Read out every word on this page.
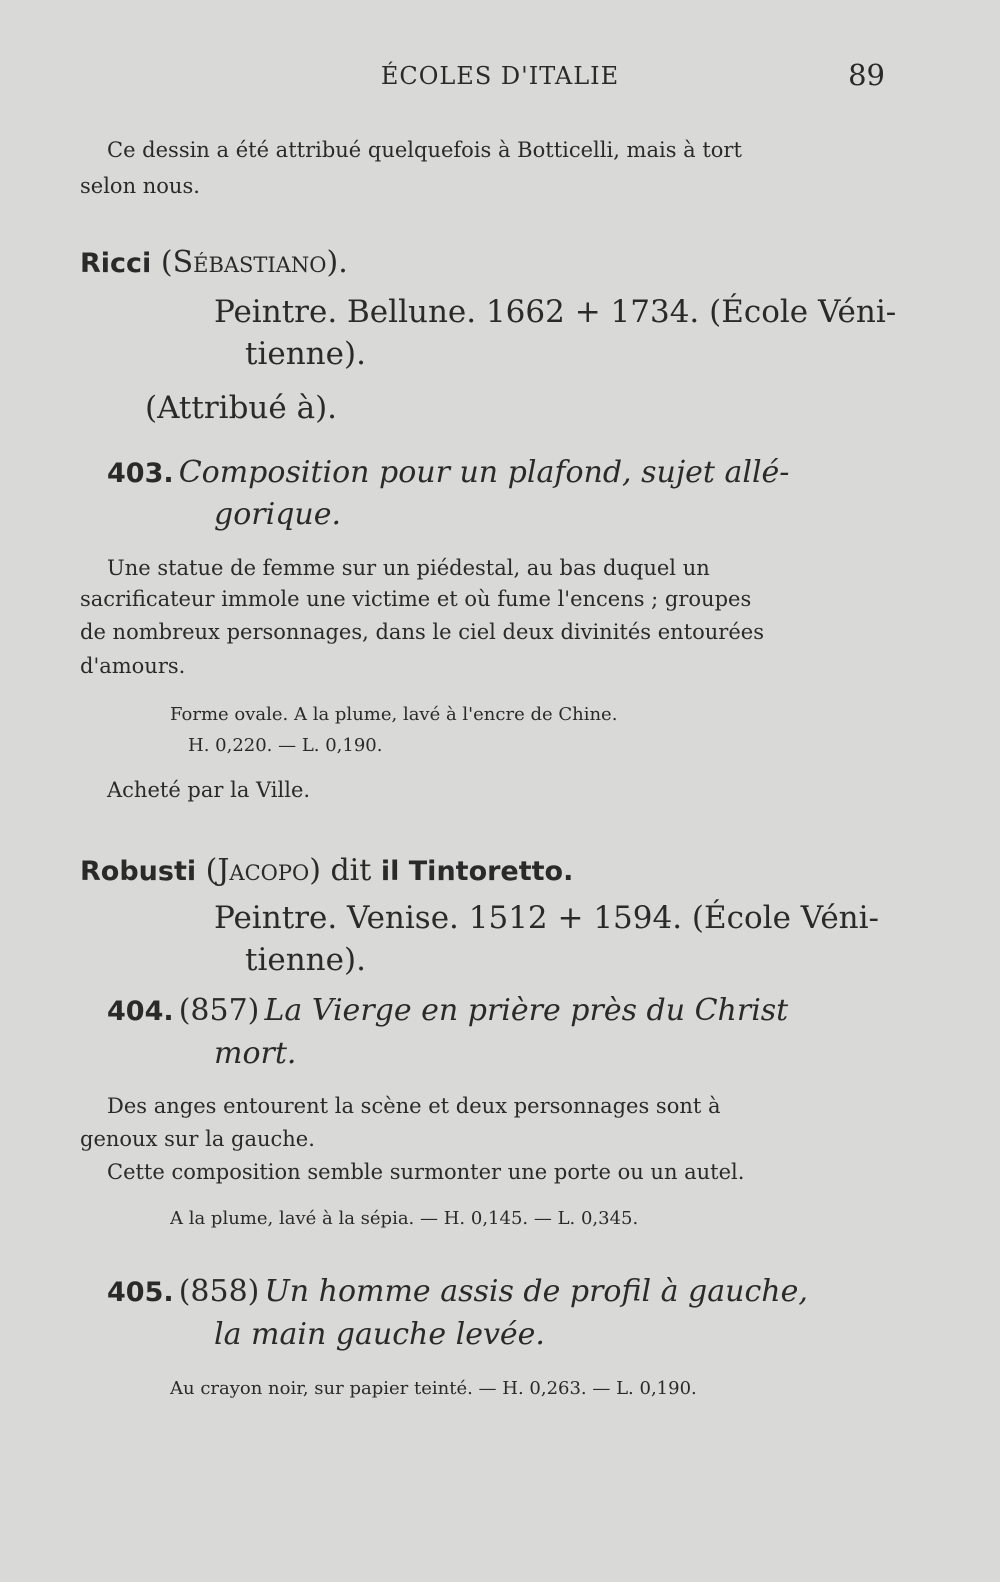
ÉCOLES D'ITALIE	89
Ce dessin a été attribué quelquefois à Botticelli, mais à tort
selon nous.
Ricci (Sébastiano).
Peintre. Bellune. 1662 + 1734. (École Véni-
tienne).
(Attribué à).
403. Composition pour un plafond, sujet allé-
gorique.
Une statue de femme sur un piédestal, au bas duquel un
sacrificateur immole une victime et où fume l'encens ; groupes
de nombreux personnages, dans le ciel deux divinités entourées
d'amours.
Forme ovale. A la plume, lavé à l'encre de Chine.
H. 0,220. — L. 0,190.
Acheté par la Ville.
Robusti (Jacopo) dit il Tintoretto.
Peintre. Venise. 1512 + 1594. (École Véni-
tienne).
404. (857) La Vierge en prière près du Christ
mort.
Des anges entourent la scène et deux personnages sont à
genoux sur la gauche.
Cette composition semble surmonter une porte ou un autel.
A la plume, lavé à la sépia. — H. 0,145. — L. 0,345.
405. (858) Un homme assis de profil à gauche,
la main gauche levée.
Au crayon noir, sur papier teinté. — H. 0,263. — L. 0,190.
